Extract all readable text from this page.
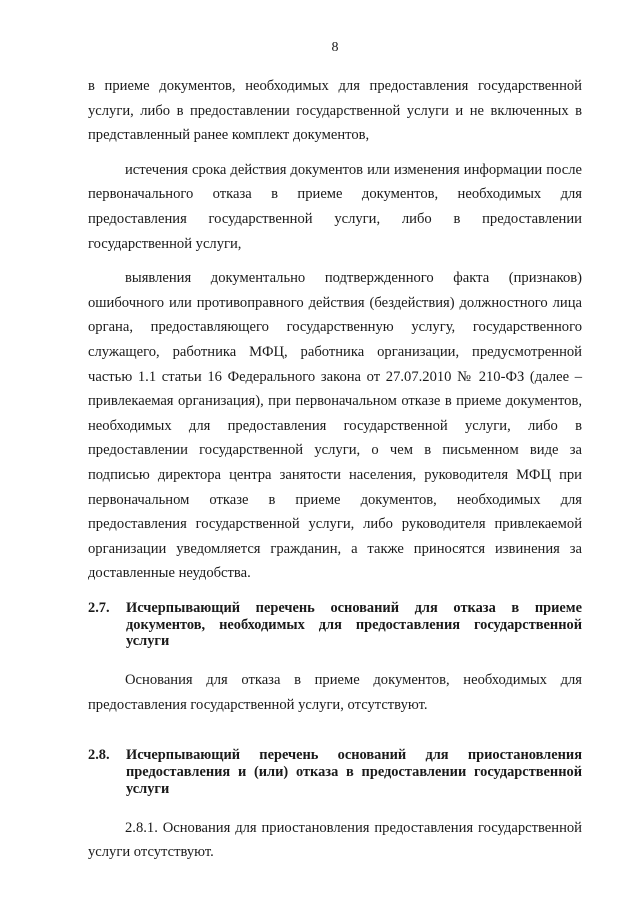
8

в приеме документов, необходимых для предоставления государственной услуги, либо в предоставлении государственной услуги и не включенных в представленный ранее комплект документов,

истечения срока действия документов или изменения информации после первоначального отказа в приеме документов, необходимых для предоставления государственной услуги, либо в предоставлении государственной услуги,

выявления документально подтвержденного факта (признаков) ошибочного или противоправного действия (бездействия) должностного лица органа, предоставляющего государственную услугу, государственного служащего, работника МФЦ, работника организации, предусмотренной частью 1.1 статьи 16 Федерального закона от 27.07.2010 № 210-ФЗ (далее – привлекаемая организация), при первоначальном отказе в приеме документов, необходимых для предоставления государственной услуги, либо в предоставлении государственной услуги, о чем в письменном виде за подписью директора центра занятости населения, руководителя МФЦ при первоначальном отказе в приеме документов, необходимых для предоставления государственной услуги, либо руководителя привлекаемой организации уведомляется гражданин, а также приносятся извинения за доставленные неудобства.

2.7.	Исчерпывающий перечень оснований для отказа в приеме документов, необходимых для предоставления государственной услуги

Основания для отказа в приеме документов, необходимых для предоставления государственной услуги, отсутствуют.

2.8.	Исчерпывающий перечень оснований для приостановления предоставления и (или) отказа в предоставлении государственной услуги

2.8.1. Основания для приостановления предоставления государственной услуги отсутствуют.
